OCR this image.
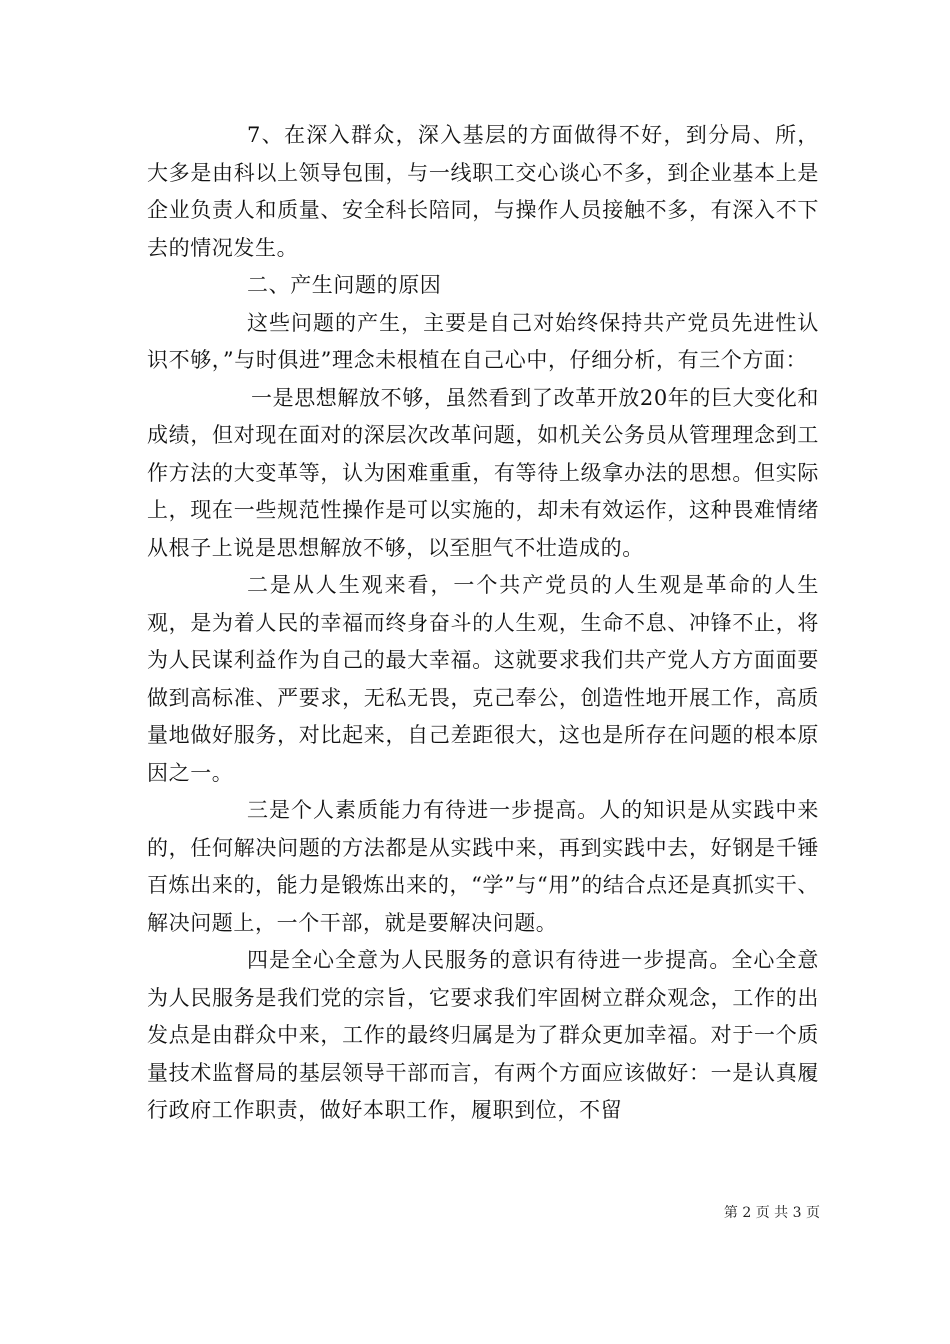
7、在深入群众，深入基层的方面做得不好，到分局、所，大多是由科以上领导包围，与一线职工交心谈心不多，到企业基本上是企业负责人和质量、安全科长陪同，与操作人员接触不多，有深入不下去的情况发生。

二、产生问题的原因

这些问题的产生，主要是自己对始终保持共产党员先进性认识不够，”与时俱进”理念未根植在自己心中，仔细分析，有三个方面：

一是思想解放不够，虽然看到了改革开放20年的巨大变化和成绩，但对现在面对的深层次改革问题，如机关公务员从管理理念到工作方法的大变革等，认为困难重重，有等待上级拿办法的思想。但实际上，现在一些规范性操作是可以实施的，却未有效运作，这种畏难情绪从根子上说是思想解放不够，以至胆气不壮造成的。

二是从人生观来看，一个共产党员的人生观是革命的人生观，是为着人民的幸福而终身奋斗的人生观，生命不息、冲锋不止，将为人民谋利益作为自己的最大幸福。这就要求我们共产党人方方面面要做到高标准、严要求，无私无畏，克己奉公，创造性地开展工作，高质量地做好服务，对比起来，自己差距很大，这也是所存在问题的根本原因之一。

三是个人素质能力有待进一步提高。人的知识是从实践中来的，任何解决问题的方法都是从实践中来，再到实践中去，好钢是千锤百炼出来的，能力是锻炼出来的，“学”与“用”的结合点还是真抓实干、解决问题上，一个干部，就是要解决问题。

四是全心全意为人民服务的意识有待进一步提高。全心全意为人民服务是我们党的宗旨，它要求我们牢固树立群众观念，工作的出发点是由群众中来，工作的最终归属是为了群众更加幸福。对于一个质量技术监督局的基层领导干部而言，有两个方面应该做好：一是认真履行政府工作职责，做好本职工作，履职到位，不留

第 2 页 共 3 页
